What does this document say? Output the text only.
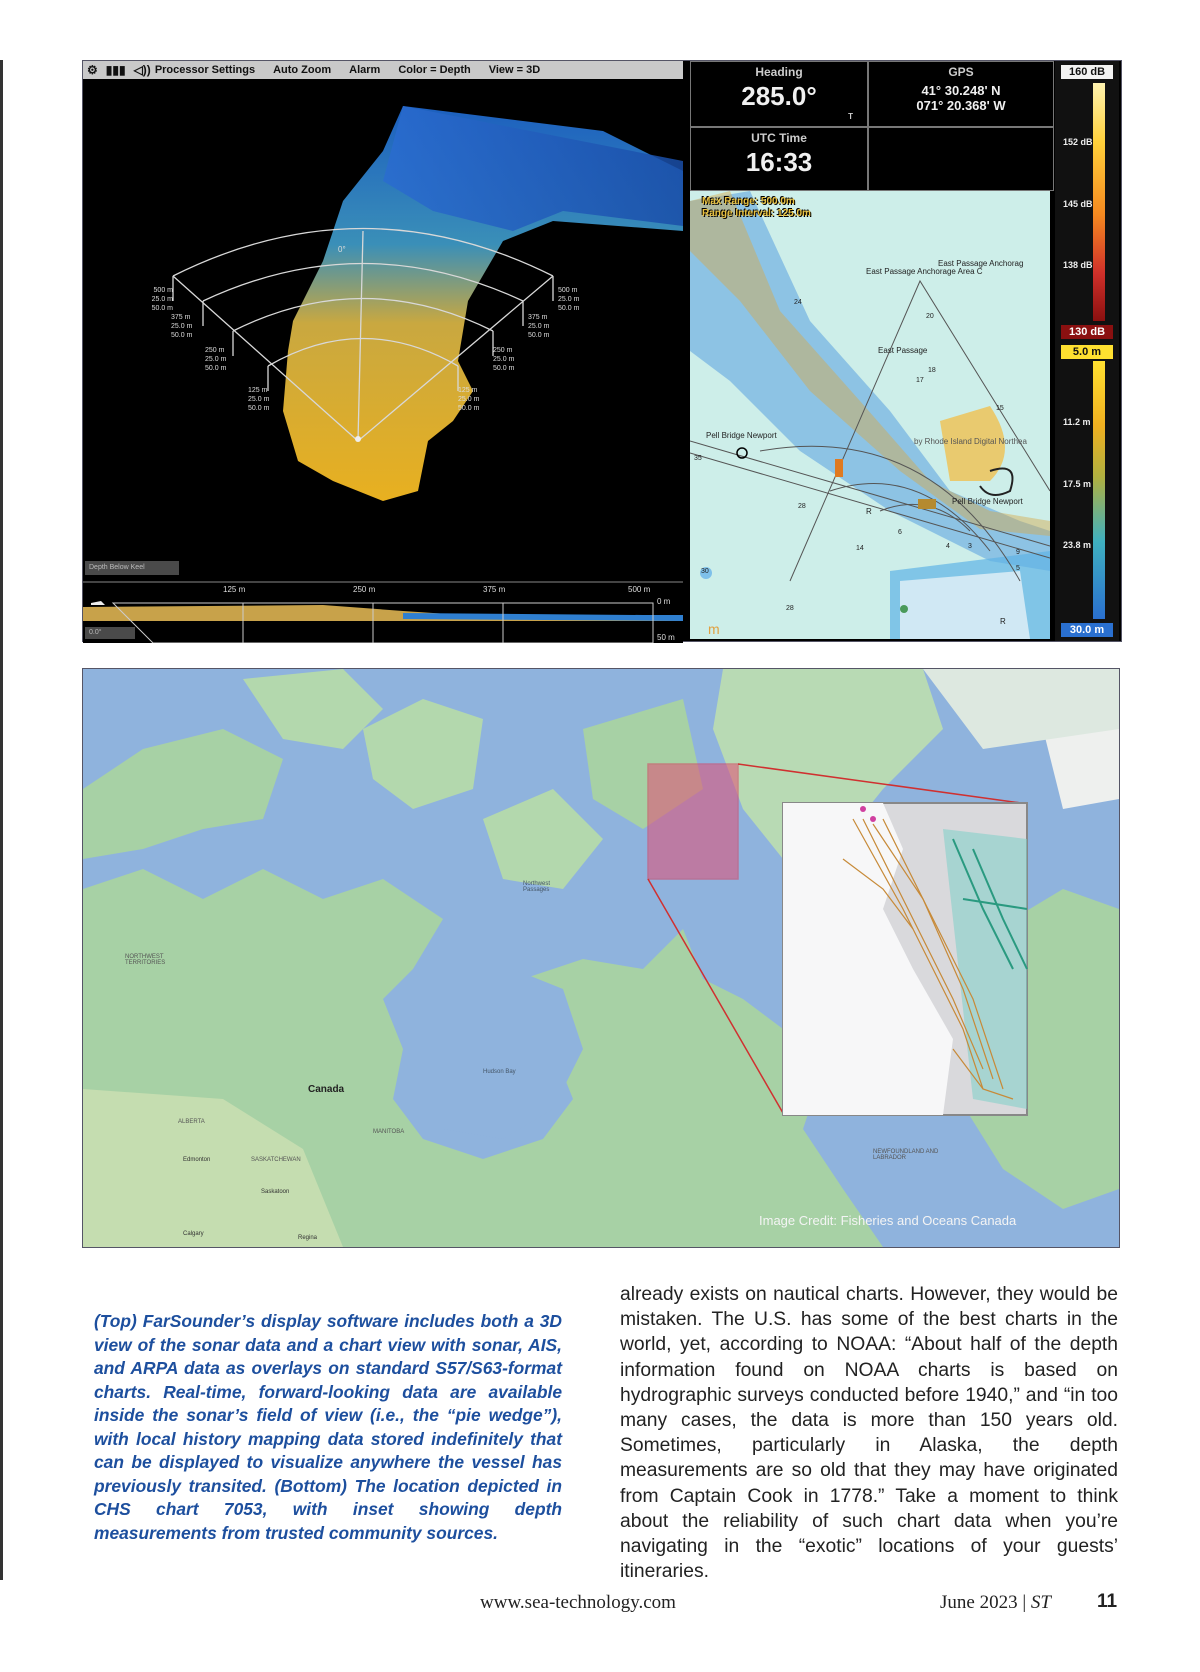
⚙ ▮▮▮ ◁)) Processor Settings Auto Zoom Alarm Color = Depth View = 3D
0°
500 m
25.0 m
50.0 m
500 m
25.0 m
50.0 m
375 m
25.0 m
50.0 m
375 m
25.0 m
50.0 m
250 m
25.0 m
50.0 m
250 m
25.0 m
50.0 m
125 m
25.0 m
50.0 m
125 m
25.0 m
50.0 m
Depth Below Keel
125 m	250 m	375 m	500 m
0 m
50 m
0.0°
Heading
285.0°
T
GPS
41° 30.248' N
071° 20.368' W
UTC Time
16:33
Max Range: 500.0m
Range Interval: 125.0m
East Passage Anchorag
East Passage Anchorage Area C
East Passage
Pell Bridge Newport
Pell Bridge Newport
by Rhode Island Digital Northea
24
20
18
17
15
35
28
R
14
30
28
R
6
4	3
5
9
m
160 dB
152 dB
145 dB
138 dB
130 dB
5.0 m
11.2 m
17.5 m
23.8 m
30.0 m
Canada
NORTHWEST TERRITORIES
Hudson Bay
Edmonton
Calgary
Saskatoon
Regina
ALBERTA
MANITOBA
SASKATCHEWAN
NEWFOUNDLAND AND LABRADOR
Northwest Passages
Image Credit: Fisheries and Oceans Canada
(Top) FarSounder’s display software includes both a 3D view of the sonar data and a chart view with sonar, AIS, and ARPA data as overlays on standard S57/S63-format charts. Real-time, forward-looking data are available inside the sonar’s field of view (i.e., the “pie wedge”), with local history mapping data stored indefinitely that can be displayed to visualize anywhere the vessel has previously transited. (Bottom) The location depicted in CHS chart 7053, with inset showing depth measurements from trusted community sources.
already exists on nautical charts. However, they would be mistaken. The U.S. has some of the best charts in the world, yet, according to NOAA: “About half of the depth information found on NOAA charts is based on hydrographic surveys conducted before 1940,” and “in too many cases, the data is more than 150 years old. Sometimes, particularly in Alaska, the depth measurements are so old that they may have originated from Captain Cook in 1778.” Take a moment to think about the reliability of such chart data when you’re navigating in the “exotic” locations of your guests’ itineraries.
www.sea-technology.com	June 2023 | ST 11
